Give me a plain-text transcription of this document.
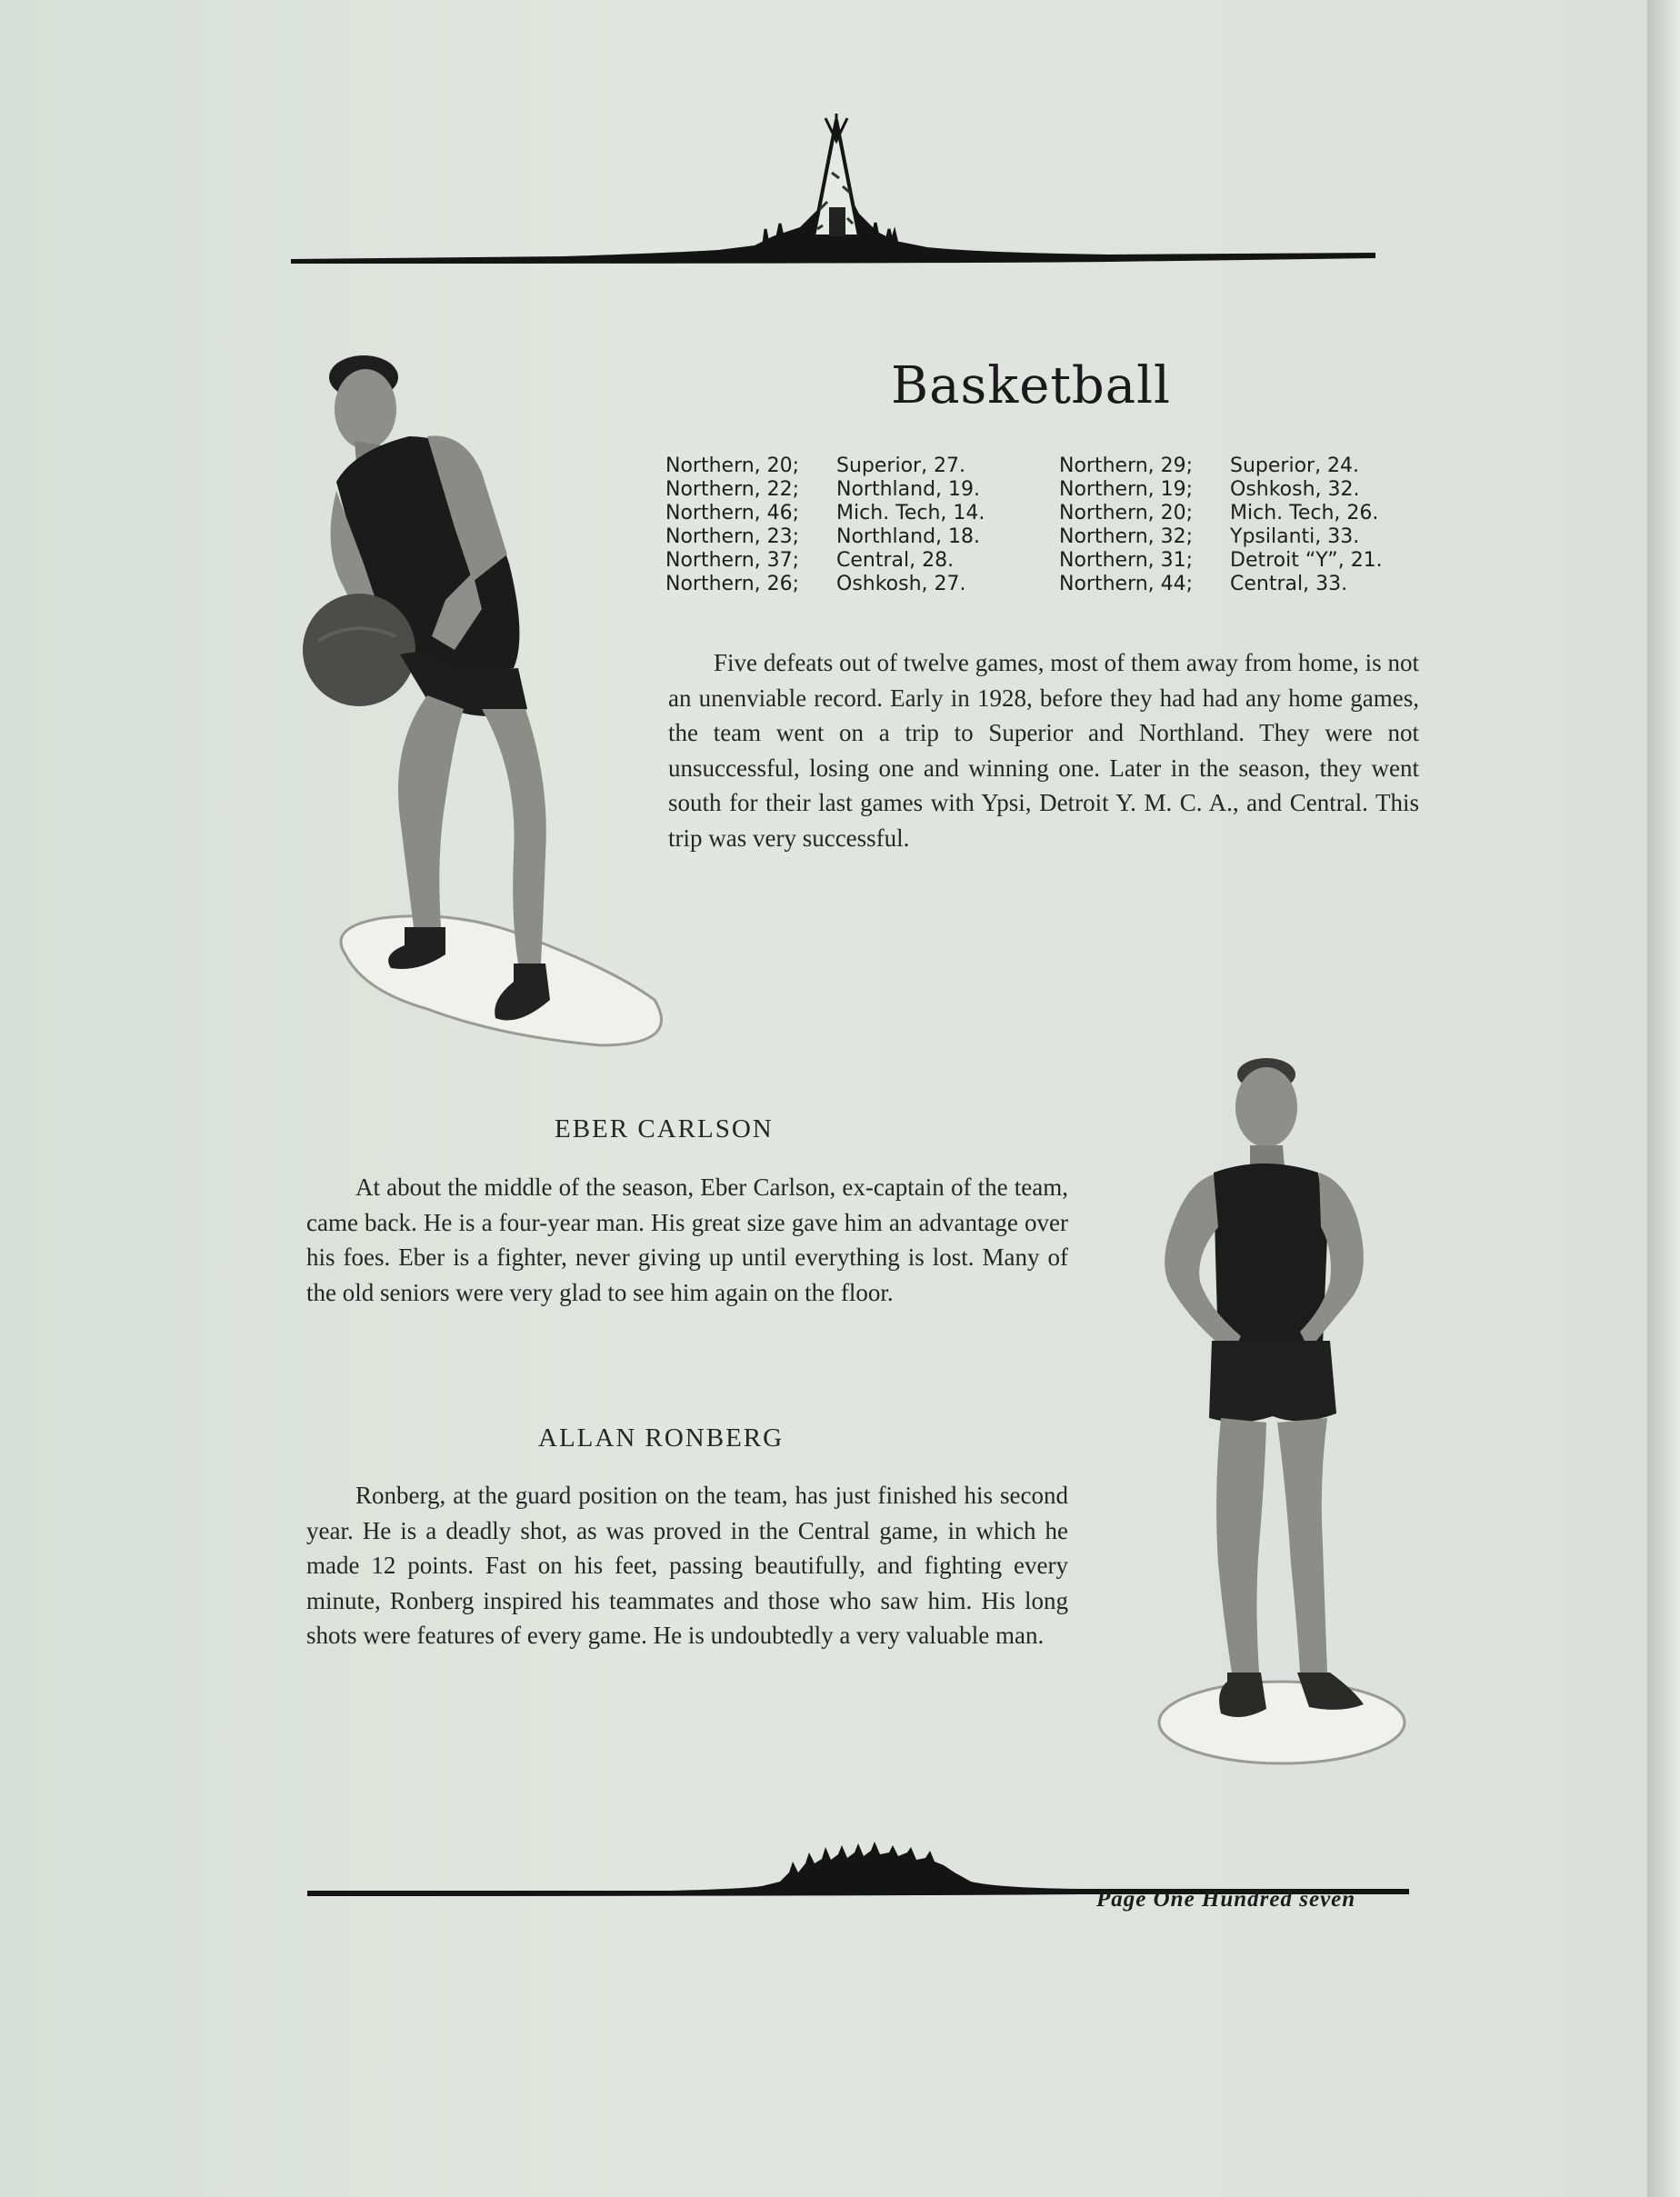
Basketball
Northern, 20; Superior, 27.
Northern, 22; Northland, 19.
Northern, 46; Mich. Tech, 14.
Northern, 23; Northland, 18.
Northern, 37; Central, 28.
Northern, 26; Oshkosh, 27.
Northern, 29; Superior, 24.
Northern, 19; Oshkosh, 32.
Northern, 20; Mich. Tech, 26.
Northern, 32; Ypsilanti, 33.
Northern, 31; Detroit “Y”, 21.
Northern, 44; Central, 33.

Five defeats out of twelve games, most of them away from home, is not an unenviable record. Early in 1928, before they had had any home games, the team went on a trip to Superior and Northland. They were not unsuccessful, losing one and winning one. Later in the season, they went south for their last games with Ypsi, Detroit Y. M. C. A., and Central. This trip was very successful.

EBER CARLSON

At about the middle of the season, Eber Carlson, ex-captain of the team, came back. He is a four-year man. His great size gave him an advantage over his foes. Eber is a fighter, never giving up until everything is lost. Many of the old seniors were very glad to see him again on the floor.

ALLAN RONBERG

Ronberg, at the guard position on the team, has just finished his second year. He is a deadly shot, as was proved in the Central game, in which he made 12 points. Fast on his feet, passing beautifully, and fighting every minute, Ronberg inspired his teammates and those who saw him. His long shots were features of every game. He is undoubtedly a very valuable man.

Page One Hundred seven
